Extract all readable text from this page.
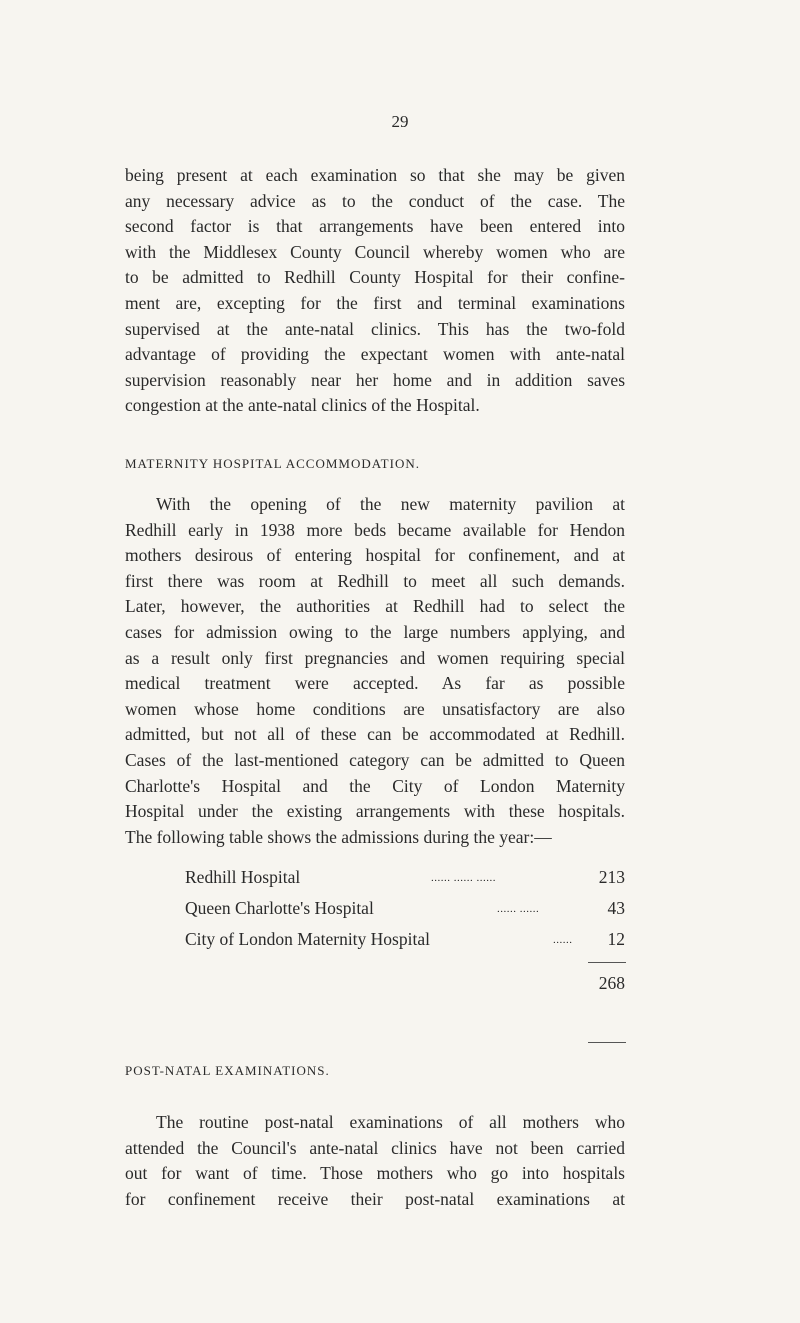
29

being present at each examination so that she may be given

any necessary advice as to the conduct of the case. The

second factor is that arrangements have been entered into

with the Middlesex County Council whereby women who are

to be admitted to Redhill County Hospital for their confine-

ment are, excepting for the first and terminal examinations

supervised at the ante-natal clinics. This has the two-fold

advantage of providing the expectant women with ante-natal

supervision reasonably near her home and in addition saves

congestion at the ante-natal clinics of the Hospital.

MATERNITY HOSPITAL ACCOMMODATION.

With the opening of the new maternity pavilion at

Redhill early in 1938 more beds became available for Hendon

mothers desirous of entering hospital for confinement, and at

first there was room at Redhill to meet all such demands.

Later, however, the authorities at Redhill had to select the

cases for admission owing to the large numbers applying, and

as a result only first pregnancies and women requiring special

medical treatment were accepted. As far as possible

women whose home conditions are unsatisfactory are also

admitted, but not all of these can be accommodated at Redhill.

Cases of the last-mentioned category can be admitted to Queen

Charlotte's Hospital and the City of London Maternity

Hospital under the existing arrangements with these hospitals.

The following table shows the admissions during the year:—

Redhill Hospital	...... ...... ......	213
Queen Charlotte's Hospital	...... ......	43
City of London Maternity Hospital	...... 12
268
POST-NATAL EXAMINATIONS.

The routine post-natal examinations of all mothers who

attended the Council's ante-natal clinics have not been carried

out for want of time. Those mothers who go into hospitals

for confinement receive their post-natal examinations at
